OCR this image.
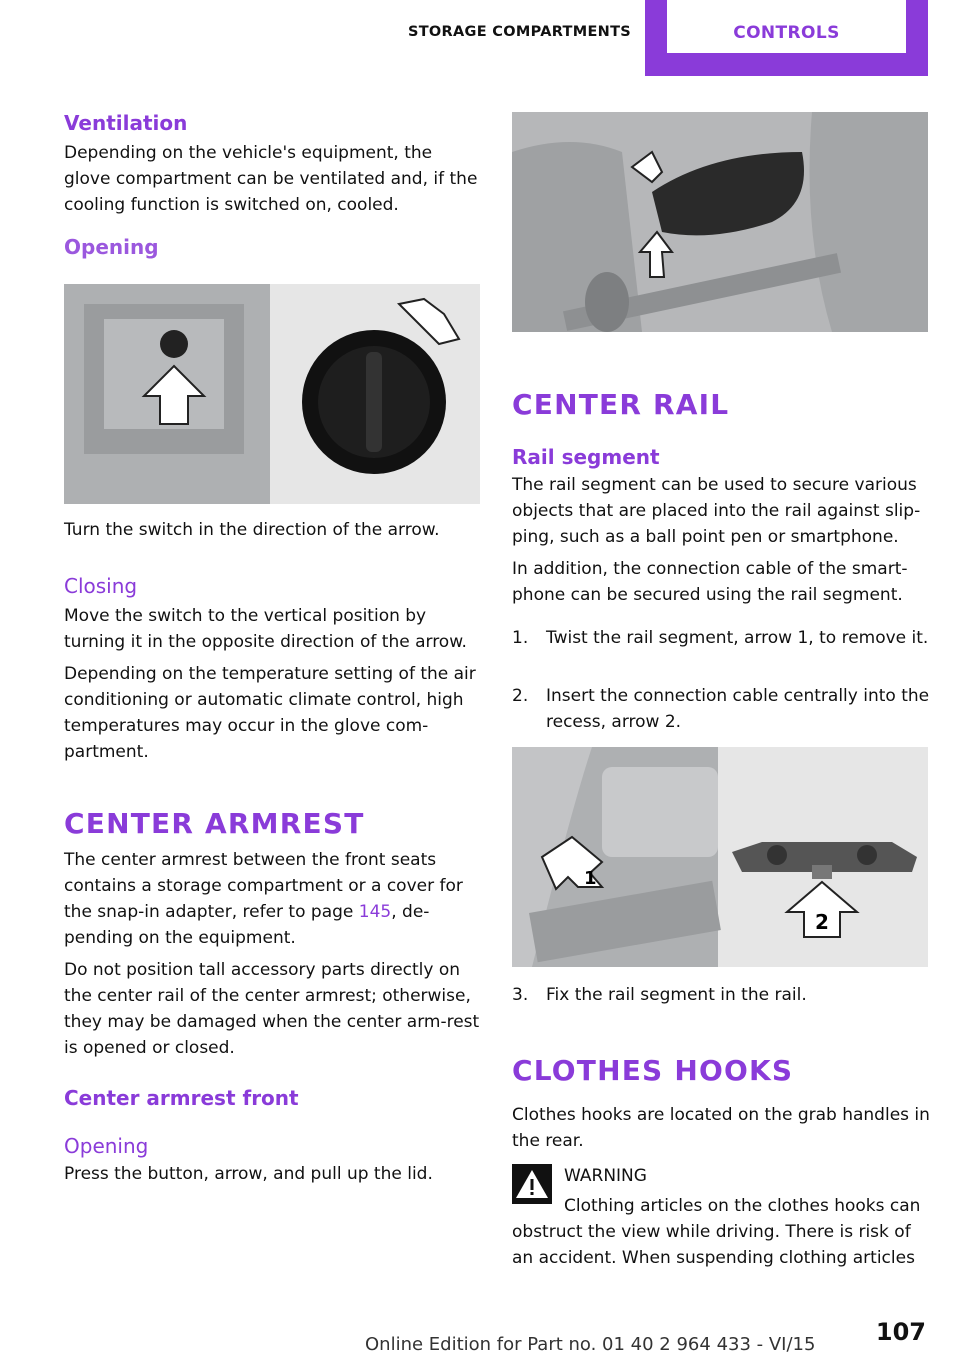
STORAGE COMPARTMENTS	CONTROLS
Ventilation

Depending on the vehicle's equipment, the glove compartment can be ventilated and, if the cooling function is switched on, cooled.

Opening

Turn the switch in the direction of the arrow.

Closing

Move the switch to the vertical position by turning it in the opposite direction of the arrow.

Depending on the temperature setting of the air conditioning or automatic climate control, high temperatures may occur in the glove com‐partment.

CENTER ARMREST

The center armrest between the front seats contains a storage compartment or a cover for the snap-in adapter, refer to page 145, de‐pending on the equipment.

Do not position tall accessory parts directly on the center rail of the center armrest; otherwise, they may be damaged when the center arm‐rest is opened or closed.

Center armrest front
Opening

Press the button, arrow, and pull up the lid.

CENTER RAIL
Rail segment

The rail segment can be used to secure various objects that are placed into the rail against slip‐ping, such as a ball point pen or smartphone.

In addition, the connection cable of the smart‐phone can be secured using the rail segment.

1. Twist the rail segment, arrow 1, to remove it.

2. Insert the connection cable centrally into the recess, arrow 2.

1
2
3. Fix the rail segment in the rail.

CLOTHES HOOKS

Clothes hooks are located on the grab handles in the rear.

WARNING

Clothing articles on the clothes hooks can

obstruct the view while driving. There is risk of an accident. When suspending clothing articles

Online Edition for Part no. 01 40 2 964 433 - VI/15	107
